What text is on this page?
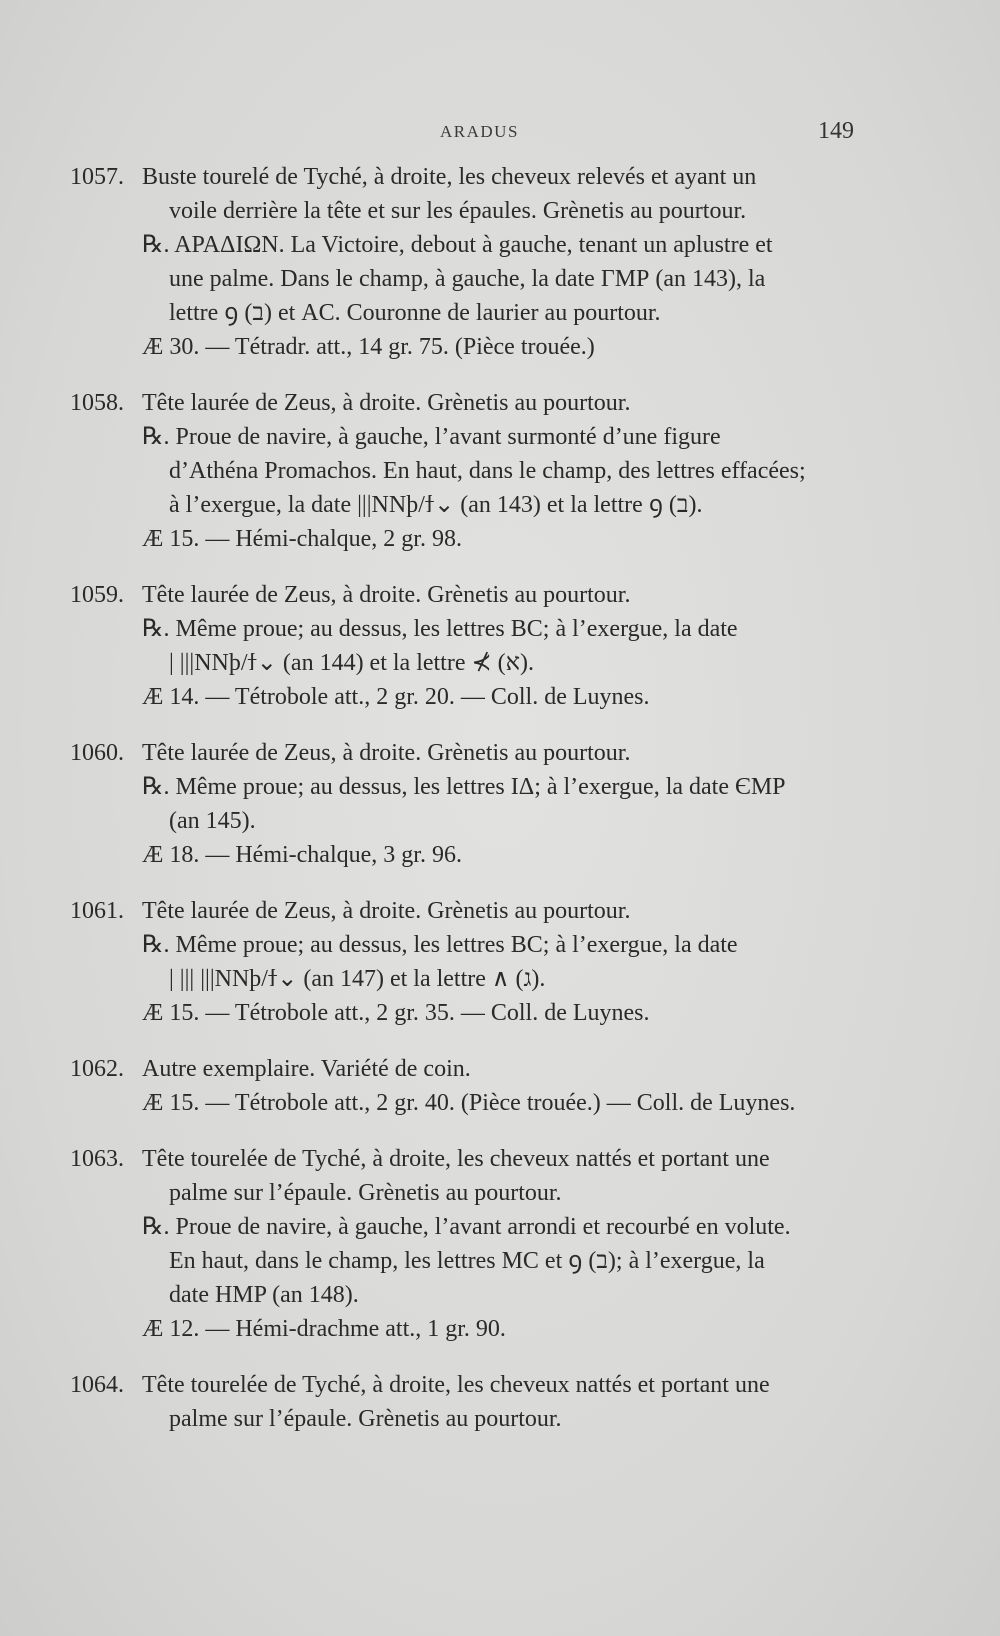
ARADUS	149
1057. Buste tourelé de Tyché, à droite, les cheveux relevés et ayant un
voile derrière la tête et sur les épaules. Grènetis au pourtour.
℞. ΑΡΑΔΙΩΝ. La Victoire, debout à gauche, tenant un aplustre et
une palme. Dans le champ, à gauche, la date ΓΜΡ (an 143), la
lettre ꝯ (ב) et ΑC. Couronne de laurier au pourtour.
Æ 30. — Tétradr. att., 14 gr. 75. (Pièce trouée.)
1058. Tête laurée de Zeus, à droite. Grènetis au pourtour.
℞. Proue de navire, à gauche, l’avant surmonté d’une figure
d’Athéna Promachos. En haut, dans le champ, des lettres effacées;
à l’exergue, la date |||ΝΝϸ/ϯ⌄ (an 143) et la lettre ꝯ (ב).
Æ 15. — Hémi-chalque, 2 gr. 98.
1059. Tête laurée de Zeus, à droite. Grènetis au pourtour.
℞. Même proue; au dessus, les lettres BC; à l’exergue, la date
| |||ΝΝϸ/ϯ⌄ (an 144) et la lettre ⊀ (א).
Æ 14. — Tétrobole att., 2 gr. 20. — Coll. de Luynes.
1060. Tête laurée de Zeus, à droite. Grènetis au pourtour.
℞. Même proue; au dessus, les lettres IΔ; à l’exergue, la date ЄΜΡ
(an 145).
Æ 18. — Hémi-chalque, 3 gr. 96.
1061. Tête laurée de Zeus, à droite. Grènetis au pourtour.
℞. Même proue; au dessus, les lettres BC; à l’exergue, la date
| ||| |||ΝΝϸ/ϯ⌄ (an 147) et la lettre ∧ (ג).
Æ 15. — Tétrobole att., 2 gr. 35. — Coll. de Luynes.
1062. Autre exemplaire. Variété de coin.
Æ 15. — Tétrobole att., 2 gr. 40. (Pièce trouée.) — Coll. de Luynes.
1063. Tête tourelée de Tyché, à droite, les cheveux nattés et portant une
palme sur l’épaule. Grènetis au pourtour.
℞. Proue de navire, à gauche, l’avant arrondi et recourbé en volute.
En haut, dans le champ, les lettres MC et ꝯ (ב); à l’exergue, la
date HMP (an 148).
Æ 12. — Hémi-drachme att., 1 gr. 90.
1064. Tête tourelée de Tyché, à droite, les cheveux nattés et portant une
palme sur l’épaule. Grènetis au pourtour.
